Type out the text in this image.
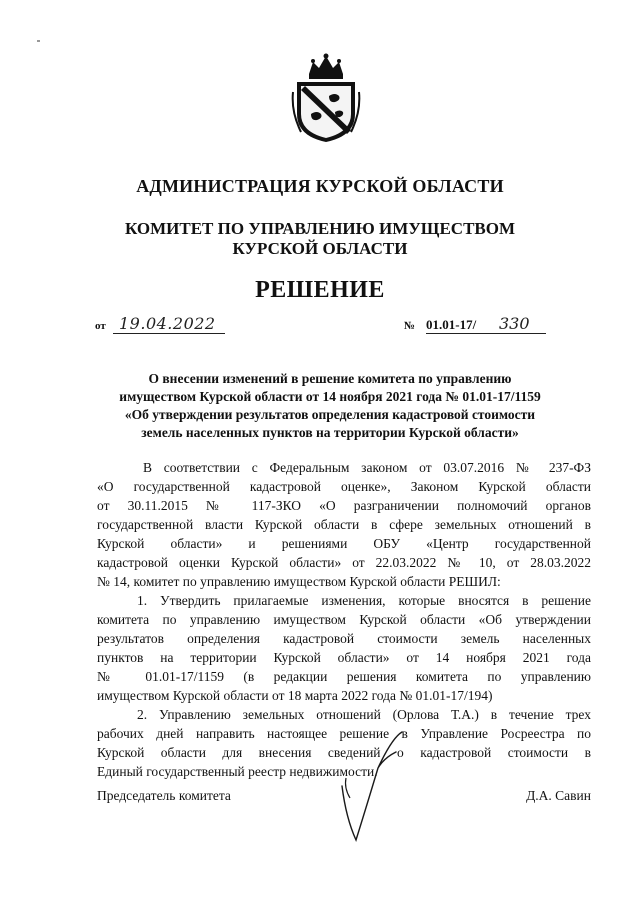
АДМИНИСТРАЦИЯ КУРСКОЙ ОБЛАСТИ
КОМИТЕТ ПО УПРАВЛЕНИЮ ИМУЩЕСТВОМ
КУРСКОЙ ОБЛАСТИ
РЕШЕНИЕ
от 19.04.2022	№ 01.01-17/ 330
О внесении изменений в решение комитета по управлению
имуществом Курской области от 14 ноября 2021 года № 01.01-17/1159
«Об утверждении результатов определения кадастровой стоимости
земель населенных пунктов на территории Курской области»
В соответствии с Федеральным законом от 03.07.2016 № 237-ФЗ
«О государственной кадастровой оценке», Законом Курской области
от 30.11.2015 № 117-ЗКО «О разграничении полномочий органов
государственной власти Курской области в сфере земельных отношений в
Курской области» и решениями ОБУ «Центр государственной
кадастровой оценки Курской области» от 22.03.2022 № 10, от 28.03.2022
№ 14, комитет по управлению имуществом Курской области РЕШИЛ:
1. Утвердить прилагаемые изменения, которые вносятся в решение
комитета по управлению имуществом Курской области «Об утверждении
результатов определения кадастровой стоимости земель населенных
пунктов на территории Курской области» от 14 ноября 2021 года
№ 01.01-17/1159 (в редакции решения комитета по управлению
имуществом Курской области от 18 марта 2022 года № 01.01-17/194)
2. Управлению земельных отношений (Орлова Т.А.) в течение трех
рабочих дней направить настоящее решение в Управление Росреестра по
Курской области для внесения сведений о кадастровой стоимости в
Единый государственный реестр недвижимости.
Председатель комитета	Д.А. Савин
